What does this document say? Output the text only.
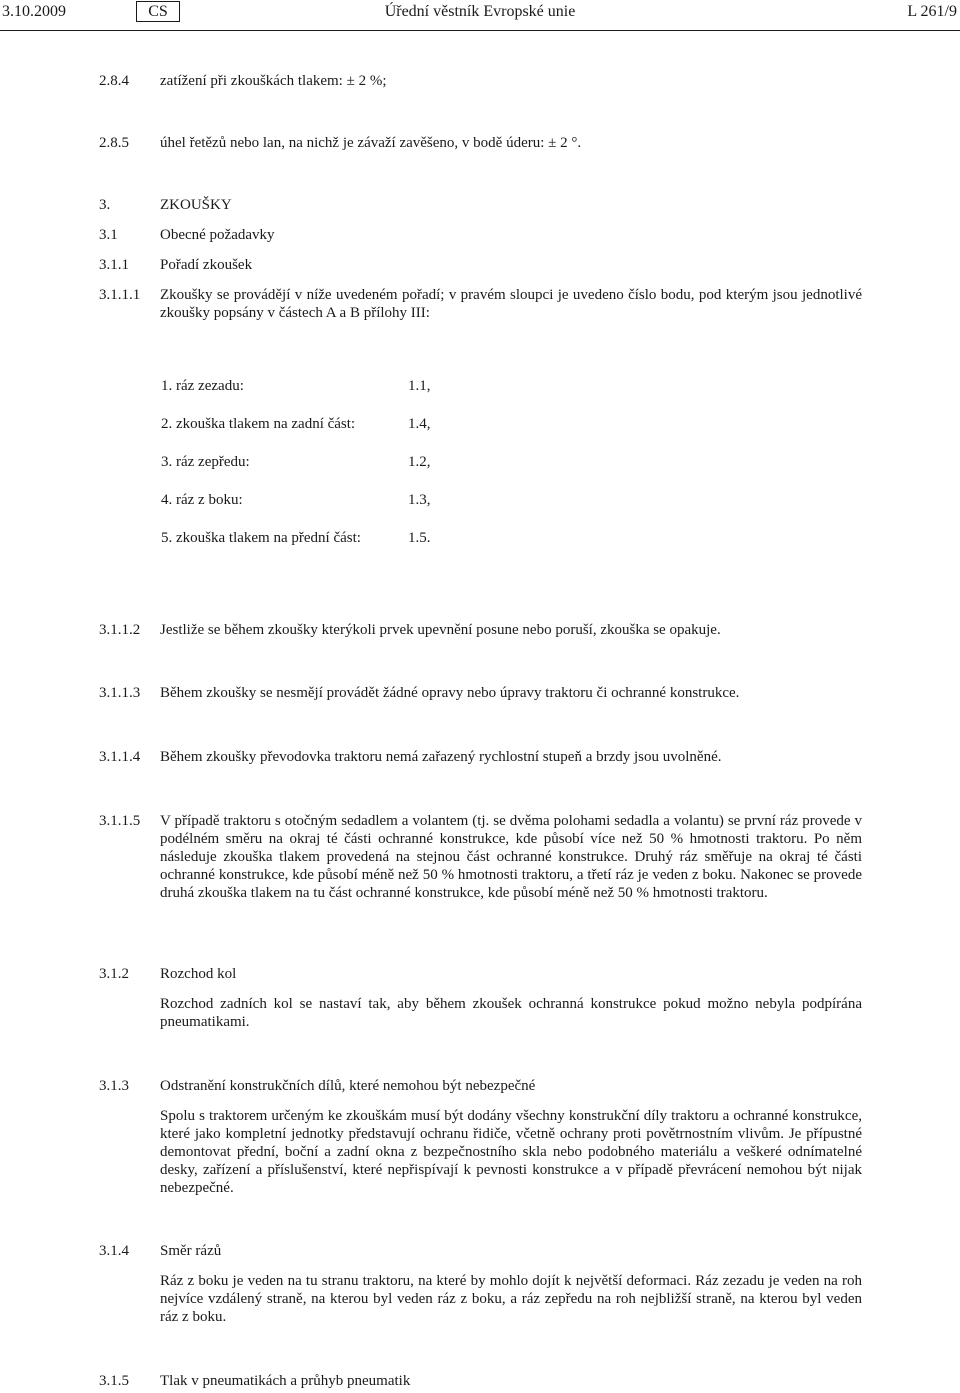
3.10.2009	CS	Úřední věstník Evropské unie	L 261/9
2.8.4 zatížení při zkouškách tlakem: ± 2 %;
2.8.5 úhel řetězů nebo lan, na nichž je závaží zavěšeno, v bodě úderu: ± 2 °.
3.	ZKOUŠKY
3.1	Obecné požadavky
3.1.1 Pořadí zkoušek
3.1.1.1 Zkoušky se provádějí v níže uvedeném pořadí; v pravém sloupci je uvedeno číslo bodu, pod kterým jsou jednotlivé zkoušky popsány v částech A a B přílohy III:
1. ráz zezadu:	1.1,
2. zkouška tlakem na zadní část:	1.4,
3. ráz zepředu:	1.2,
4. ráz z boku:	1.3,
5. zkouška tlakem na přední část:	1.5.
3.1.1.2 Jestliže se během zkoušky kterýkoli prvek upevnění posune nebo poruší, zkouška se opakuje.
3.1.1.3 Během zkoušky se nesmějí provádět žádné opravy nebo úpravy traktoru či ochranné konstrukce.
3.1.1.4 Během zkoušky převodovka traktoru nemá zařazený rychlostní stupeň a brzdy jsou uvolněné.
3.1.1.5 V případě traktoru s otočným sedadlem a volantem (tj. se dvěma polohami sedadla a volantu) se první ráz provede v podélném směru na okraj té části ochranné konstrukce, kde působí více než 50 % hmotnosti traktoru. Po něm následuje zkouška tlakem provedená na stejnou část ochranné konstrukce. Druhý ráz směřuje na okraj té části ochranné konstrukce, kde působí méně než 50 % hmotnosti traktoru, a třetí ráz je veden z boku. Nakonec se provede druhá zkouška tlakem na tu část ochranné konstrukce, kde působí méně než 50 % hmotnosti traktoru.
3.1.2 Rozchod kol
Rozchod zadních kol se nastaví tak, aby během zkoušek ochranná konstrukce pokud možno nebyla podpírána pneumatikami.
3.1.3 Odstranění konstrukčních dílů, které nemohou být nebezpečné
Spolu s traktorem určeným ke zkouškám musí být dodány všechny konstrukční díly traktoru a ochranné konstrukce, které jako kompletní jednotky představují ochranu řidiče, včetně ochrany proti povětrnostním vlivům. Je přípustné demontovat přední, boční a zadní okna z bezpečnostního skla nebo podobného materiálu a veškeré odnímatelné desky, zařízení a příslušenství, které nepřispívají k pevnosti konstrukce a v případě převrácení nemohou být nijak nebezpečné.
3.1.4 Směr rázů
Ráz z boku je veden na tu stranu traktoru, na které by mohlo dojít k největší deformaci. Ráz zezadu je veden na roh nejvíce vzdálený straně, na kterou byl veden ráz z boku, a ráz zepředu na roh nejbližší straně, na kterou byl veden ráz z boku.
3.1.5 Tlak v pneumatikách a průhyb pneumatik
